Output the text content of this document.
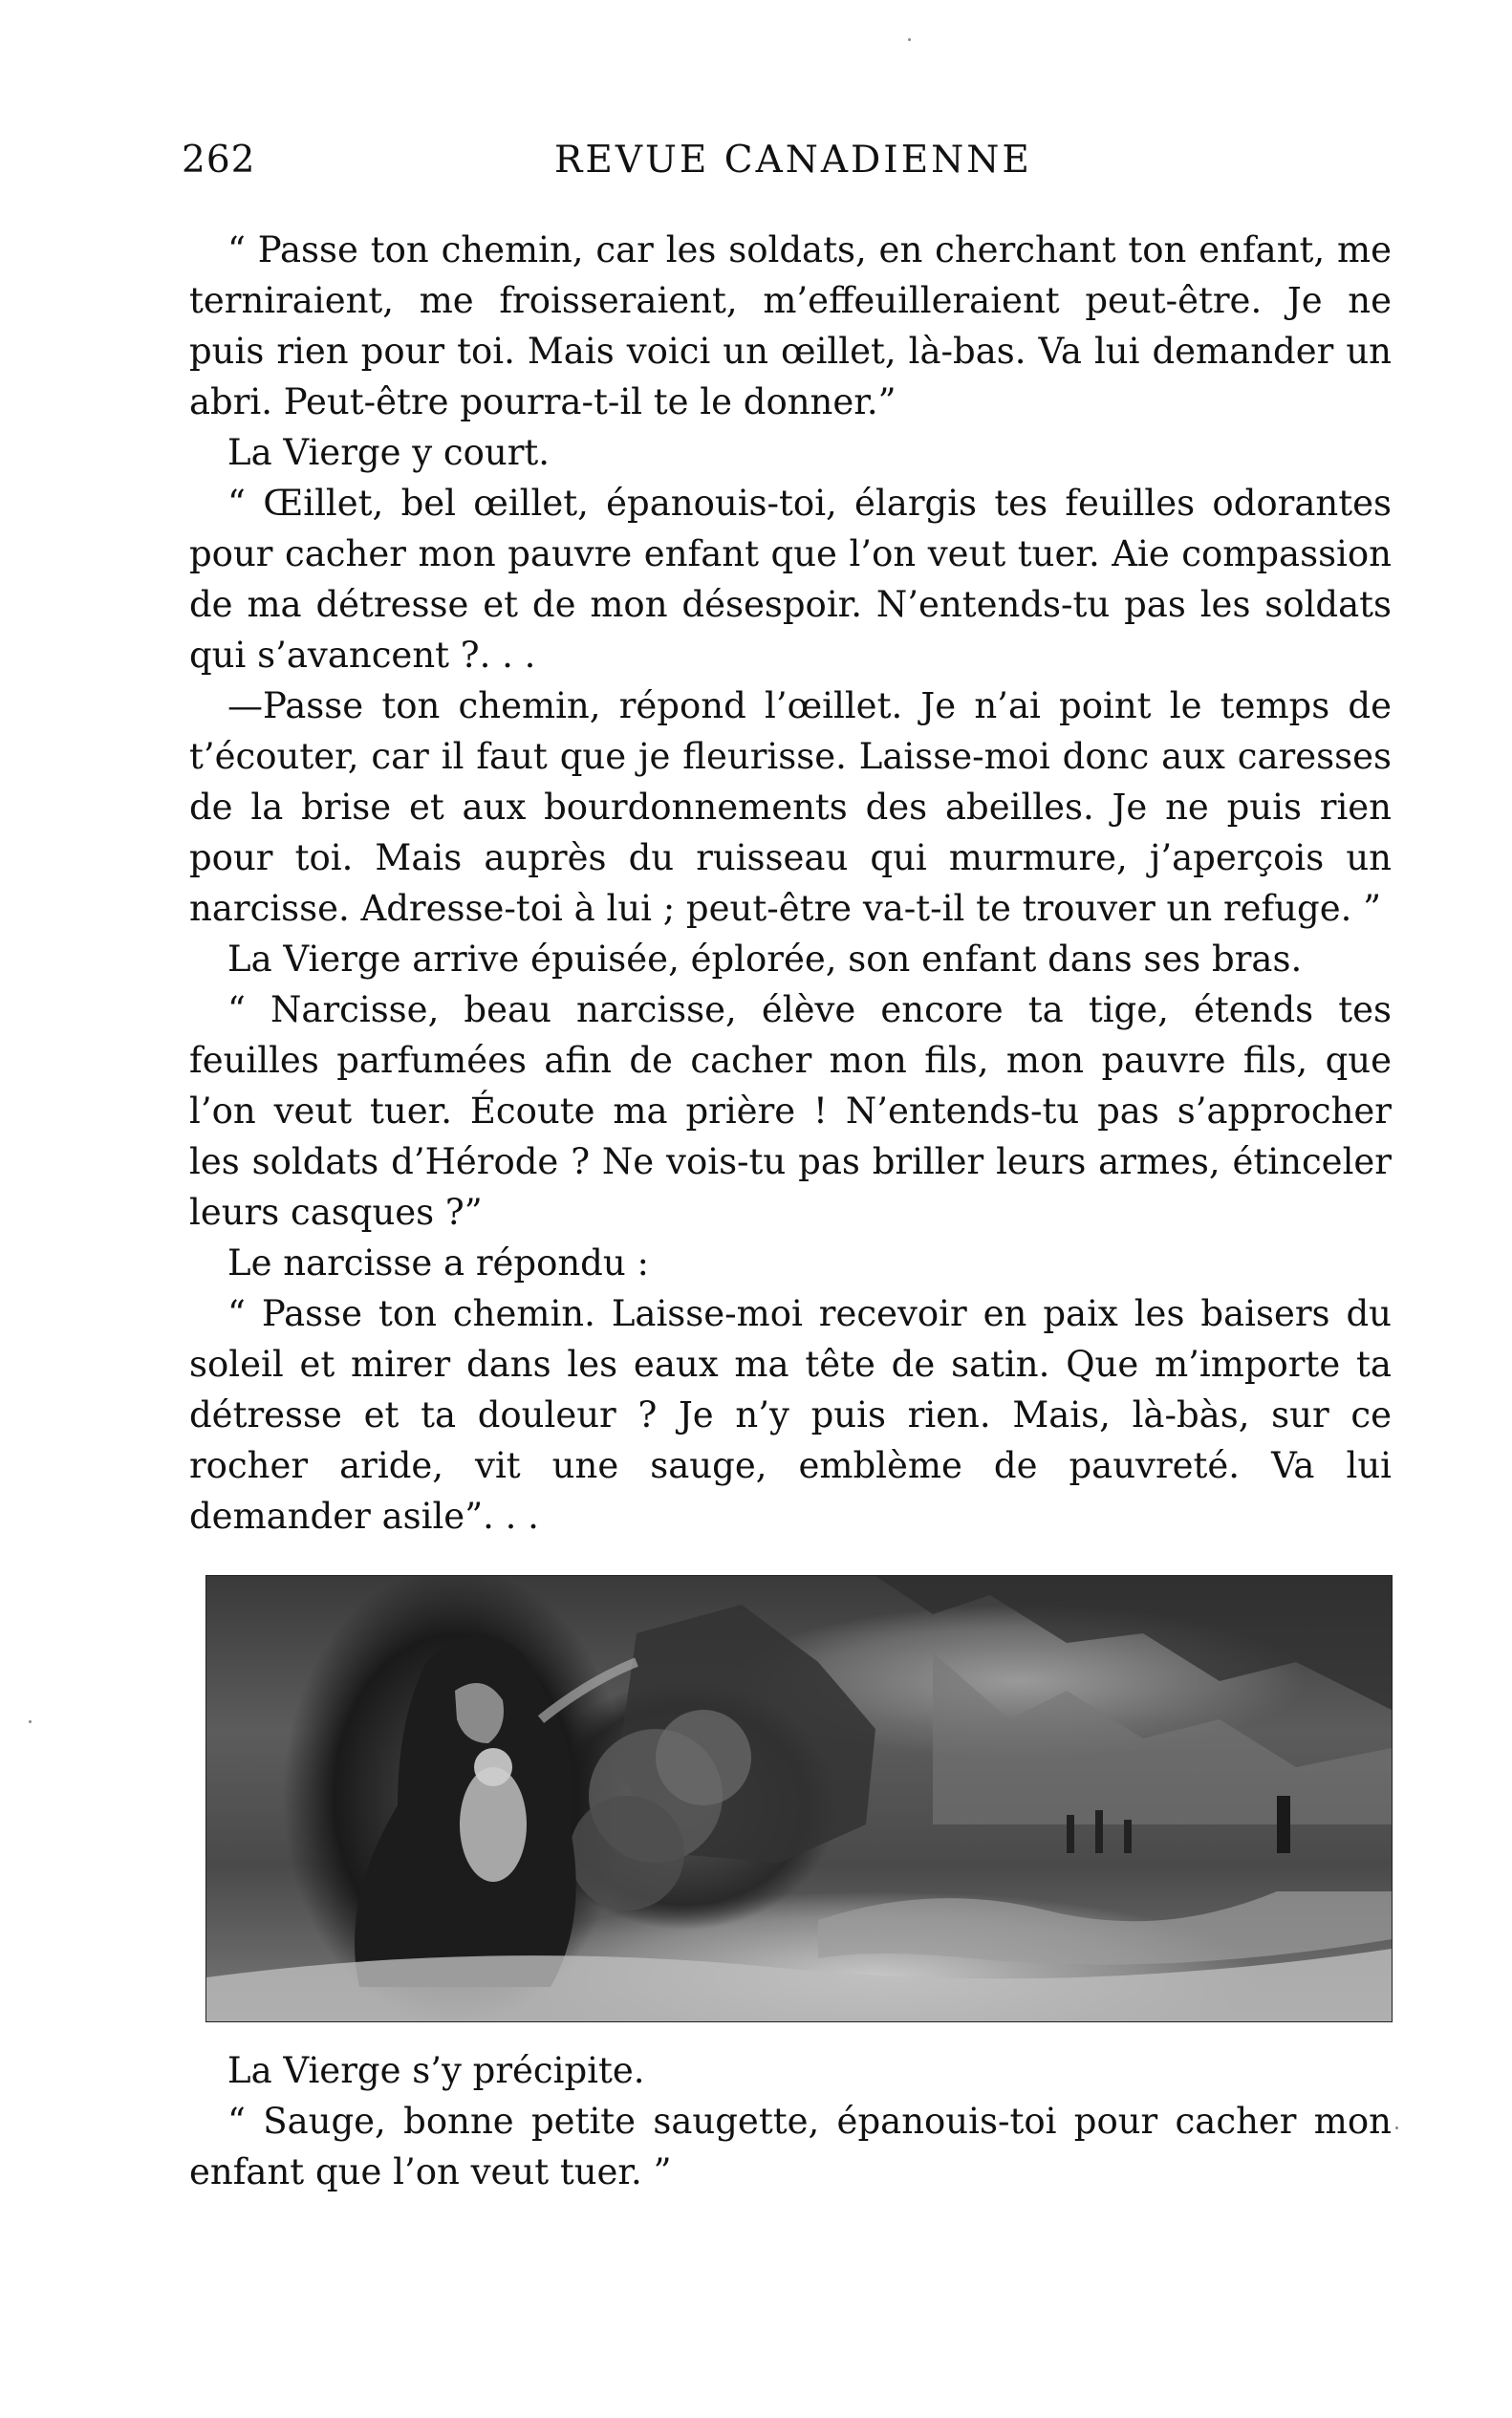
262	REVUE CANADIENNE

“ Passe ton chemin, car les soldats, en cherchant ton enfant, me terniraient, me froisseraient, m’effeuilleraient peut-être. Je ne puis rien pour toi. Mais voici un œillet, là-bas. Va lui demander un abri. Peut-être pourra-t-il te le donner.”

La Vierge y court.

“ Œillet, bel œillet, épanouis-toi, élargis tes feuilles odorantes pour cacher mon pauvre enfant que l’on veut tuer. Aie compassion de ma détresse et de mon désespoir. N’entends-tu pas les soldats qui s’avancent ?. . .

—Passe ton chemin, répond l’œillet. Je n’ai point le temps de t’écouter, car il faut que je fleurisse. Laisse-moi donc aux caresses de la brise et aux bourdonnements des abeilles. Je ne puis rien pour toi. Mais auprès du ruisseau qui murmure, j’aperçois un narcisse. Adresse-toi à lui ; peut-être va-t-il te trouver un refuge. ”

La Vierge arrive épuisée, éplorée, son enfant dans ses bras.

“ Narcisse, beau narcisse, élève encore ta tige, étends tes feuilles parfumées afin de cacher mon fils, mon pauvre fils, que l’on veut tuer. Écoute ma prière ! N’entends-tu pas s’approcher les soldats d’Hérode ? Ne vois-tu pas briller leurs armes, étinceler leurs casques ?”

Le narcisse a répondu :

“ Passe ton chemin. Laisse-moi recevoir en paix les baisers du soleil et mirer dans les eaux ma tête de satin. Que m’importe ta détresse et ta douleur ? Je n’y puis rien. Mais, là-bàs, sur ce rocher aride, vit une sauge, emblème de pauvreté. Va lui demander asile”. . .

La Vierge s’y précipite.

“ Sauge, bonne petite saugette, épanouis-toi pour cacher mon enfant que l’on veut tuer. ”
